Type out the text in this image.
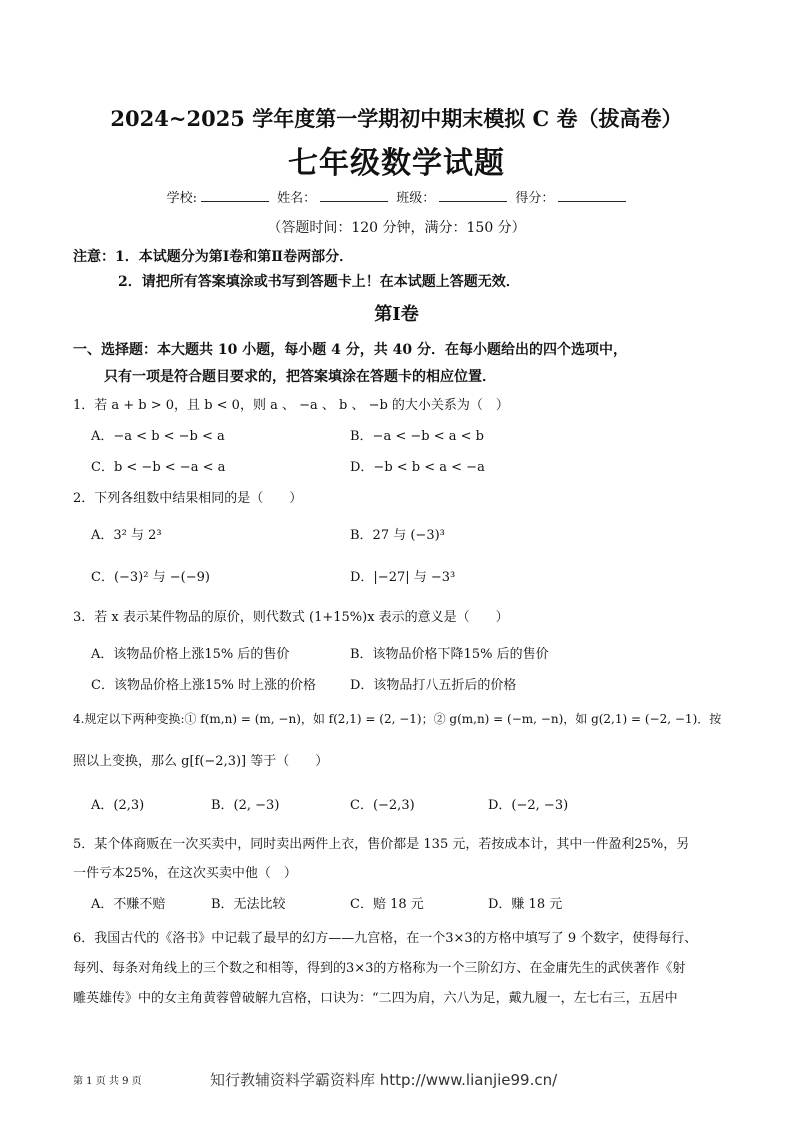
2024~2025 学年度第一学期初中期末模拟 C 卷（拔高卷）
七年级数学试题
学校:	姓名：	班级：	得分：
（答题时间：120 分钟，满分：150 分）
注意：1．本试题分为第Ⅰ卷和第Ⅱ卷两部分．
2．请把所有答案填涂或书写到答题卡上！在本试题上答题无效．
第Ⅰ卷
一、选择题：本大题共 10 小题，每小题 4 分，共 40 分．在每小题给出的四个选项中，
只有一项是符合题目要求的，把答案填涂在答题卡的相应位置．
1．若 a + b > 0，且 b < 0，则 a 、 −a 、 b 、 −b 的大小关系为（　）
A．−a < b < −b < a	B．−a < −b < a < b
C．b < −b < −a < a	D．−b < b < a < −a
2．下列各组数中结果相同的是（　　）
A．3² 与 2³	B．27 与 (−3)³
C．(−3)² 与 −(−9)	D．|−27| 与 −3³
3．若 x 表示某件物品的原价，则代数式 (1+15%)x 表示的意义是（　　）
A．该物品价格上涨15% 后的售价	B．该物品价格下降15% 后的售价
C．该物品价格上涨15% 时上涨的价格	D．该物品打八五折后的价格
4.规定以下两种变换:① f(m,n) = (m, −n)，如 f(2,1) = (2, −1)；② g(m,n) = (−m, −n)，如 g(2,1) = (−2, −1)．按
照以上变换，那么 g[f(−2,3)] 等于（　　）
A．(2,3)	B．(2, −3)	C．(−2,3)	D．(−2, −3)
5．某个体商贩在一次买卖中，同时卖出两件上衣，售价都是 135 元，若按成本计，其中一件盈利25%，另
一件亏本25%，在这次买卖中他（　）
A．不赚不赔	B．无法比较	C．赔 18 元	D．赚 18 元
6．我国古代的《洛书》中记载了最早的幻方——九宫格，在一个3×3的方格中填写了 9 个数字，使得每行、
每列、每条对角线上的三个数之和相等，得到的3×3的方格称为一个三阶幻方、在金庸先生的武侠著作《射
雕英雄传》中的女主角黄蓉曾破解九宫格，口诀为：“二四为肩，六八为足，戴九履一，左七右三，五居中
第 1 页 共 9 页	知行教辅资料学霸资料库 http://www.lianjie99.cn/
